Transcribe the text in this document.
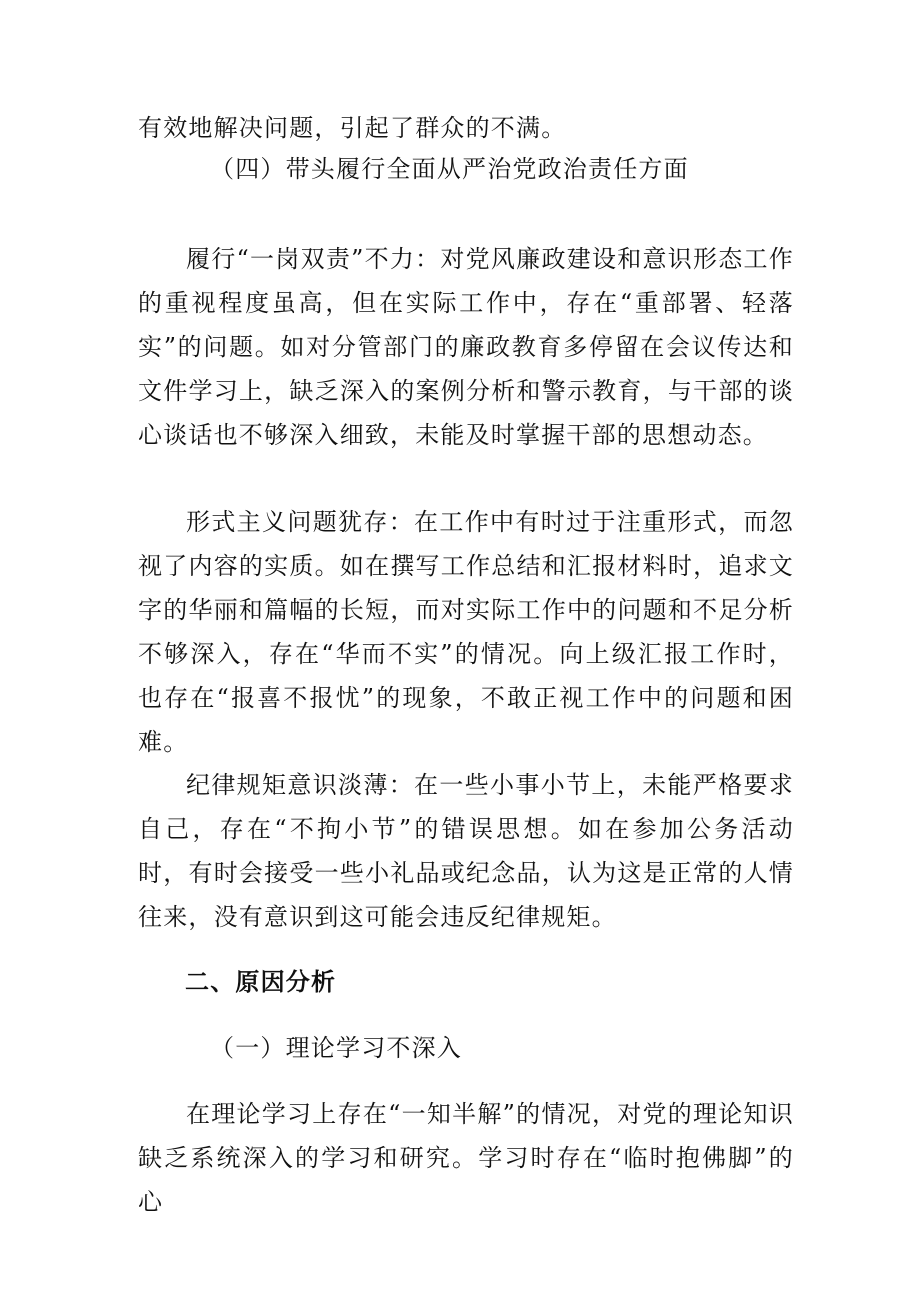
有效地解决问题，引起了群众的不满。

（四）带头履行全面从严治党政治责任方面

履行“一岗双责”不力：对党风廉政建设和意识形态工作的重视程度虽高，但在实际工作中，存在“重部署、轻落实”的问题。如对分管部门的廉政教育多停留在会议传达和文件学习上，缺乏深入的案例分析和警示教育，与干部的谈心谈话也不够深入细致，未能及时掌握干部的思想动态。

形式主义问题犹存：在工作中有时过于注重形式，而忽视了内容的实质。如在撰写工作总结和汇报材料时，追求文字的华丽和篇幅的长短，而对实际工作中的问题和不足分析不够深入，存在“华而不实”的情况。向上级汇报工作时，也存在“报喜不报忧”的现象，不敢正视工作中的问题和困难。

纪律规矩意识淡薄：在一些小事小节上，未能严格要求自己，存在“不拘小节”的错误思想。如在参加公务活动时，有时会接受一些小礼品或纪念品，认为这是正常的人情往来，没有意识到这可能会违反纪律规矩。

二、原因分析

（一）理论学习不深入

在理论学习上存在“一知半解”的情况，对党的理论知识缺乏系统深入的学习和研究。学习时存在“临时抱佛脚”的心
